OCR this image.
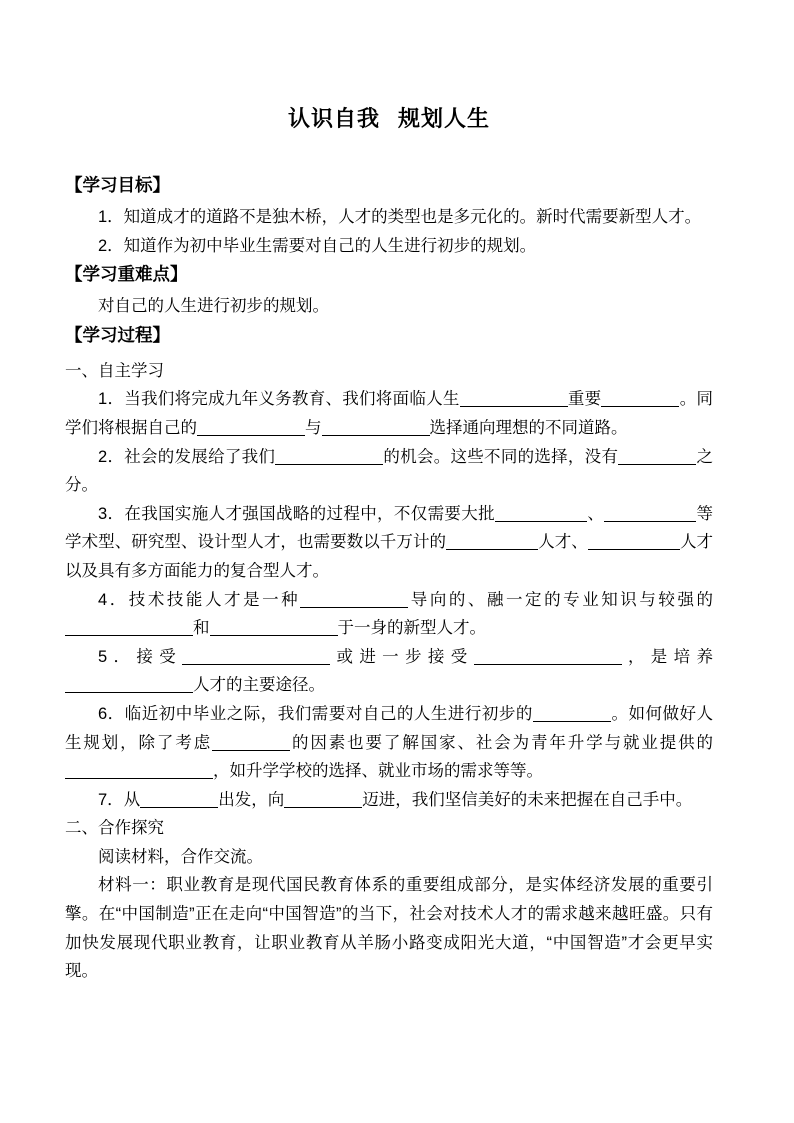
认识自我 规划人生
【学习目标】

1．知道成才的道路不是独木桥，人才的类型也是多元化的。新时代需要新型人才。

2．知道作为初中毕业生需要对自己的人生进行初步的规划。

【学习重难点】

对自己的人生进行初步的规划。

【学习过程】

一、自主学习

1．当我们将完成九年义务教育、我们将面临人生	重要	。同学们将根据自己的	与	选择通向理想的不同道路。

2．社会的发展给了我们	的机会。这些不同的选择，没有	之分。

3．在我国实施人才强国战略的过程中，不仅需要大批	、	等学术型、研究型、设计型人才，也需要数以千万计的	人才、	人才以及具有多方面能力的复合型人才。

4．技术技能人才是一种	导向的、融一定的专业知识与较强的和	于一身的新型人才。

5．接受	或进一步接受	，是培养人才的主要途径。

6．临近初中毕业之际，我们需要对自己的人生进行初步的	。如何做好人生规划，除了考虑	的因素也要了解国家、社会为青年升学与就业提供的，如升学学校的选择、就业市场的需求等等。

7．从	出发，向	迈进，我们坚信美好的未来把握在自己手中。

二、合作探究

阅读材料，合作交流。

材料一：职业教育是现代国民教育体系的重要组成部分，是实体经济发展的重要引擎。在“中国制造”正在走向“中国智造”的当下，社会对技术人才的需求越来越旺盛。只有加快发展现代职业教育，让职业教育从羊肠小路变成阳光大道，“中国智造”才会更早实现。
